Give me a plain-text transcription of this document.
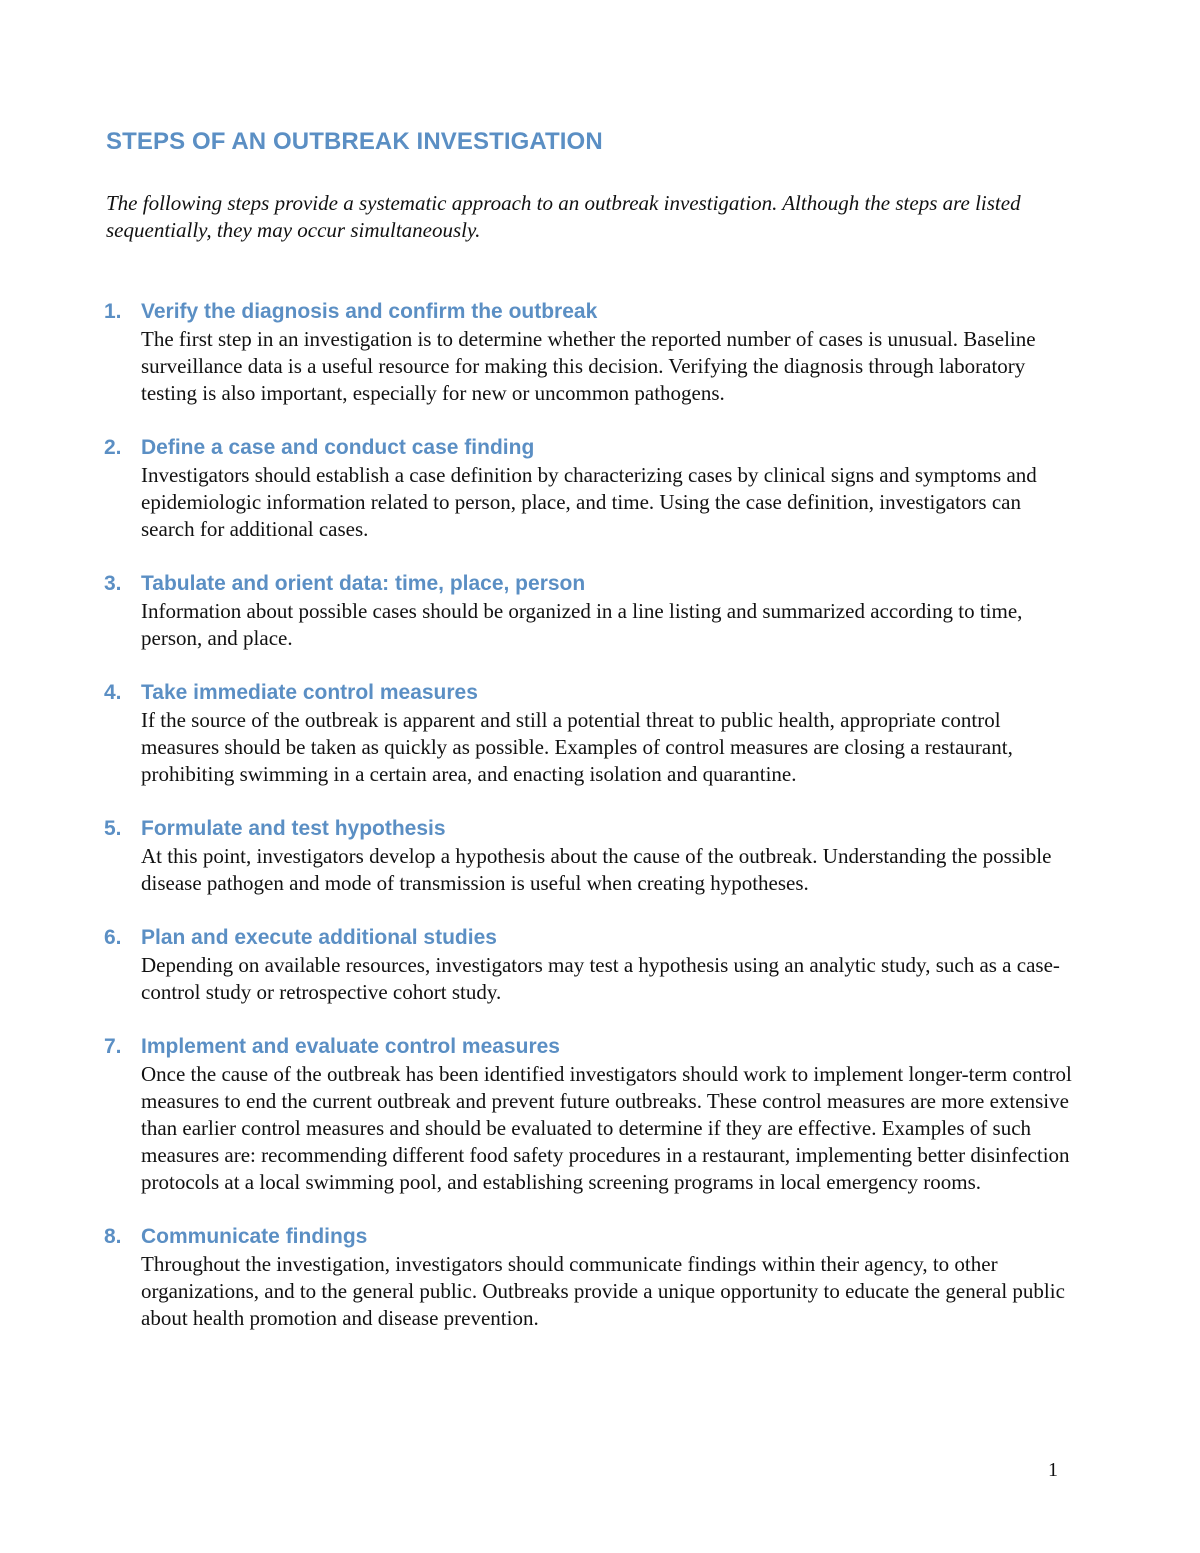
STEPS OF AN OUTBREAK INVESTIGATION
The following steps provide a systematic approach to an outbreak investigation. Although the steps are listed sequentially, they may occur simultaneously.
1. Verify the diagnosis and confirm the outbreak
The first step in an investigation is to determine whether the reported number of cases is unusual. Baseline surveillance data is a useful resource for making this decision. Verifying the diagnosis through laboratory testing is also important, especially for new or uncommon pathogens.
2. Define a case and conduct case finding
Investigators should establish a case definition by characterizing cases by clinical signs and symptoms and epidemiologic information related to person, place, and time. Using the case definition, investigators can search for additional cases.
3. Tabulate and orient data: time, place, person
Information about possible cases should be organized in a line listing and summarized according to time, person, and place.
4. Take immediate control measures
If the source of the outbreak is apparent and still a potential threat to public health, appropriate control measures should be taken as quickly as possible. Examples of control measures are closing a restaurant, prohibiting swimming in a certain area, and enacting isolation and quarantine.
5. Formulate and test hypothesis
At this point, investigators develop a hypothesis about the cause of the outbreak. Understanding the possible disease pathogen and mode of transmission is useful when creating hypotheses.
6. Plan and execute additional studies
Depending on available resources, investigators may test a hypothesis using an analytic study, such as a case-control study or retrospective cohort study.
7. Implement and evaluate control measures
Once the cause of the outbreak has been identified investigators should work to implement longer-term control measures to end the current outbreak and prevent future outbreaks. These control measures are more extensive than earlier control measures and should be evaluated to determine if they are effective. Examples of such measures are: recommending different food safety procedures in a restaurant, implementing better disinfection protocols at a local swimming pool, and establishing screening programs in local emergency rooms.
8. Communicate findings
Throughout the investigation, investigators should communicate findings within their agency, to other organizations, and to the general public. Outbreaks provide a unique opportunity to educate the general public about health promotion and disease prevention.
1
